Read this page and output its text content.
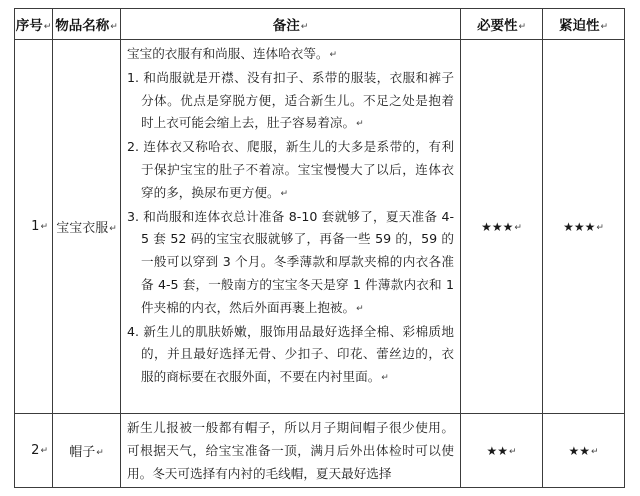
序号↵	物品名称↵	备注↵	必要性↵	紧迫性↵
1↵	宝宝衣服↵	宝宝的衣服有和尚服、连体哈衣等。↵
1. 和尚服就是开襟、没有扣子、系带的服装，衣服和裤子分体。优点是穿脱方便，适合新生儿。不足之处是抱着时上衣可能会缩上去，肚子容易着凉。↵
2. 连体衣又称哈衣、爬服，新生儿的大多是系带的，有利于保护宝宝的肚子不着凉。宝宝慢慢大了以后，连体衣穿的多，换尿布更方便。↵
3. 和尚服和连体衣总计准备 8-10 套就够了，夏天准备 4-5 套 52 码的宝宝衣服就够了，再备一些 59 的，59 的一般可以穿到 3 个月。冬季薄款和厚款夹棉的内衣各准备 4-5 套，一般南方的宝宝冬天是穿 1 件薄款内衣和 1 件夹棉的内衣，然后外面再裹上抱被。↵
4. 新生儿的肌肤娇嫩，服饰用品最好选择全棉、彩棉质地的，并且最好选择无骨、少扣子、印花、蕾丝边的，衣服的商标要在衣服外面，不要在内衬里面。↵	★★★↵	★★★↵
2↵	帽子↵	新生儿报被一般都有帽子，所以月子期间帽子很少使用。可根据天气，给宝宝准备一顶，满月后外出体检时可以使用。冬天可选择有内衬的毛线帽，夏天最好选择	★★↵	★★↵
